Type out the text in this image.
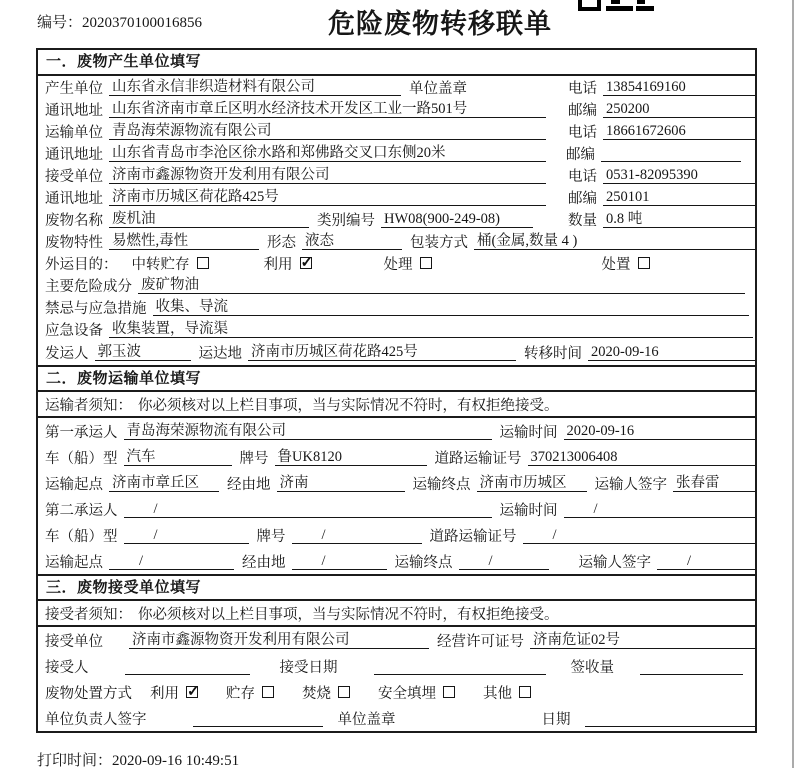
编号：2020370100016856	危险废物转移联单
一．废物产生单位填写
产生单位 山东省永信非织造材料有限公司	单位盖章	电话 13854169160
通讯地址 山东省济南市章丘区明水经济技术开发区工业一路501号	邮编 250200
运输单位 青岛海荣源物流有限公司	电话 18661672606
通讯地址 山东省青岛市李沧区徐水路和郑佛路交叉口东侧20米	邮编
接受单位 济南市鑫源物资开发利用有限公司	电话 0531-82095390
通讯地址 济南市历城区荷花路425号	邮编 250101
废物名称 废机油	类别编号 HW08(900-249-08)	数量 0.8 吨
废物特性 易燃性,毒性	形态 液态	包装方式 桶(金属,数量 4 )
外运目的： 中转贮存	利用 ✓	处理	处置
主要危险成分 废矿物油
禁忌与应急措施 收集、导流
应急设备 收集装置，导流渠
发运人 郭玉波	运达地 济南市历城区荷花路425号	转移时间 2020-09-16
二．废物运输单位填写
运输者须知： 你必须核对以上栏目事项，当与实际情况不符时，有权拒绝接受。
第一承运人 青岛海荣源物流有限公司	运输时间 2020-09-16
车（船）型 汽车	牌号 鲁UK8120	道路运输证号 370213006408
运输起点 济南市章丘区	经由地 济南	运输终点 济南市历城区	运输人签字 张春雷
第二承运人	/	运输时间	/
车（船）型	/	牌号	/	道路运输证号	/
运输起点	/	经由地	/	运输终点	/	运输人签字	/
三．废物接受单位填写
接受者须知： 你必须核对以上栏目事项，当与实际情况不符时，有权拒绝接受。
接受单位 济南市鑫源物资开发利用有限公司	经营许可证号 济南危证02号
接受人	接受日期	签收量
废物处置方式 利用 ✓	贮存	焚烧	安全填埋	其他
单位负责人签字	单位盖章	日期
打印时间：2020-09-16 10:49:51
